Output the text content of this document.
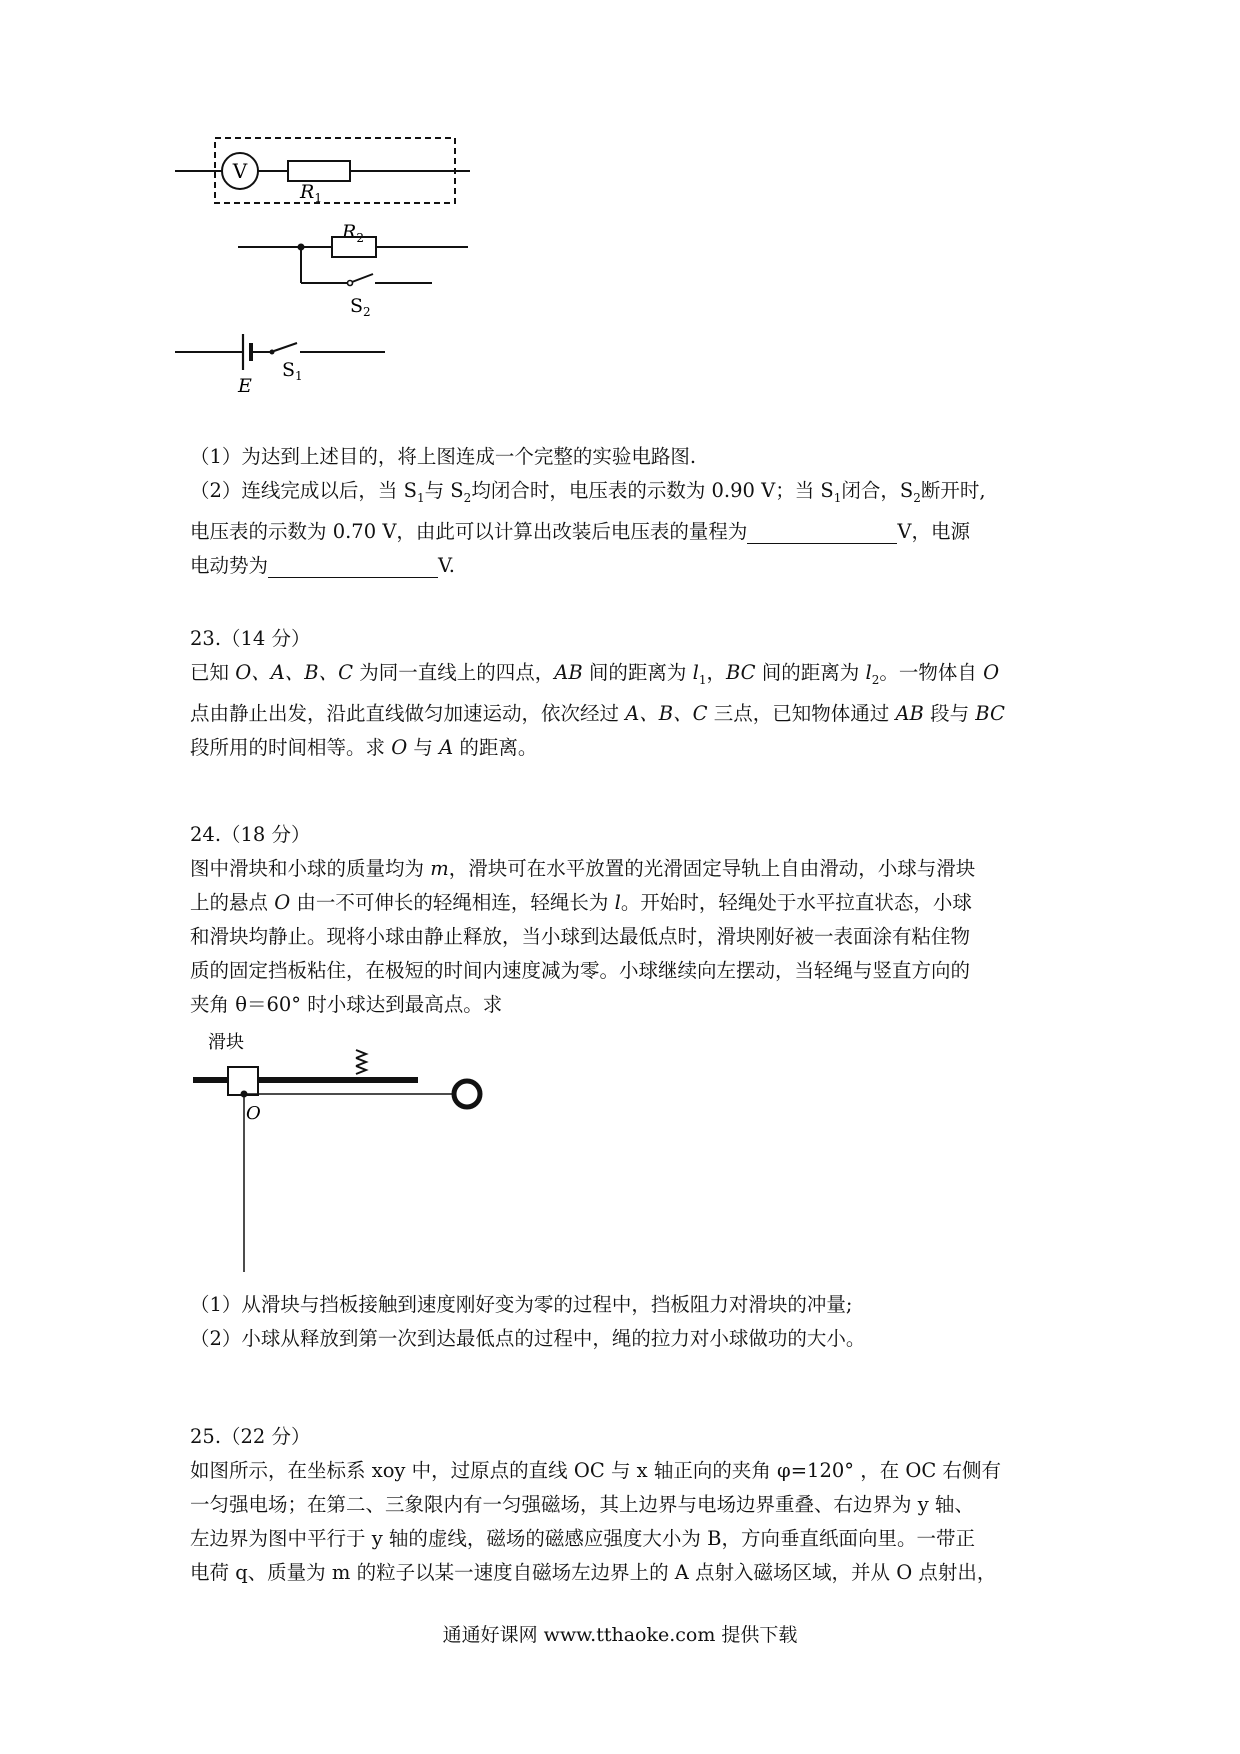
V
$R_1$
$R_2$
$S_2$
E
$S_1$

（1）为达到上述目的，将上图连成一个完整的实验电路图.

（2）连线完成以后，当 $S_1$与 $S_2$均闭合时，电压表的示数为 0.90 V；当 $S_1$闭合，$S_2$断开时,

电压表的示数为 0.70 V，由此可以计算出改装后电压表的量程为	V，电源

电动势为	V.

23.（14 分）

已知 O、A、B、C 为同一直线上的四点，AB 间的距离为 $l_1$，BC 间的距离为 $l_2$。一物体自 O

点由静止出发，沿此直线做匀加速运动，依次经过 A、B、C 三点，已知物体通过 AB 段与 BC

段所用的时间相等。求 O 与 A 的距离。

24.（18 分）

图中滑块和小球的质量均为 m，滑块可在水平放置的光滑固定导轨上自由滑动，小球与滑块

上的悬点 O 由一不可伸长的轻绳相连，轻绳长为 l。开始时，轻绳处于水平拉直状态，小球

和滑块均静止。现将小球由静止释放，当小球到达最低点时，滑块刚好被一表面涂有粘住物

质的固定挡板粘住，在极短的时间内速度减为零。小球继续向左摆动，当轻绳与竖直方向的

夹角 θ＝60° 时小球达到最高点。求

滑块
O

（1）从滑块与挡板接触到速度刚好变为零的过程中，挡板阻力对滑块的冲量;

（2）小球从释放到第一次到达最低点的过程中，绳的拉力对小球做功的大小。

25.（22 分）

如图所示，在坐标系 xoy 中，过原点的直线 OC 与 x 轴正向的夹角 φ=120° ，在 OC 右侧有

一匀强电场；在第二、三象限内有一匀强磁场，其上边界与电场边界重叠、右边界为 y 轴、

左边界为图中平行于 y 轴的虚线，磁场的磁感应强度大小为 B，方向垂直纸面向里。一带正

电荷 q、质量为 m 的粒子以某一速度自磁场左边界上的 A 点射入磁场区域，并从 O 点射出，

通通好课网 www.tthaoke.com 提供下载
